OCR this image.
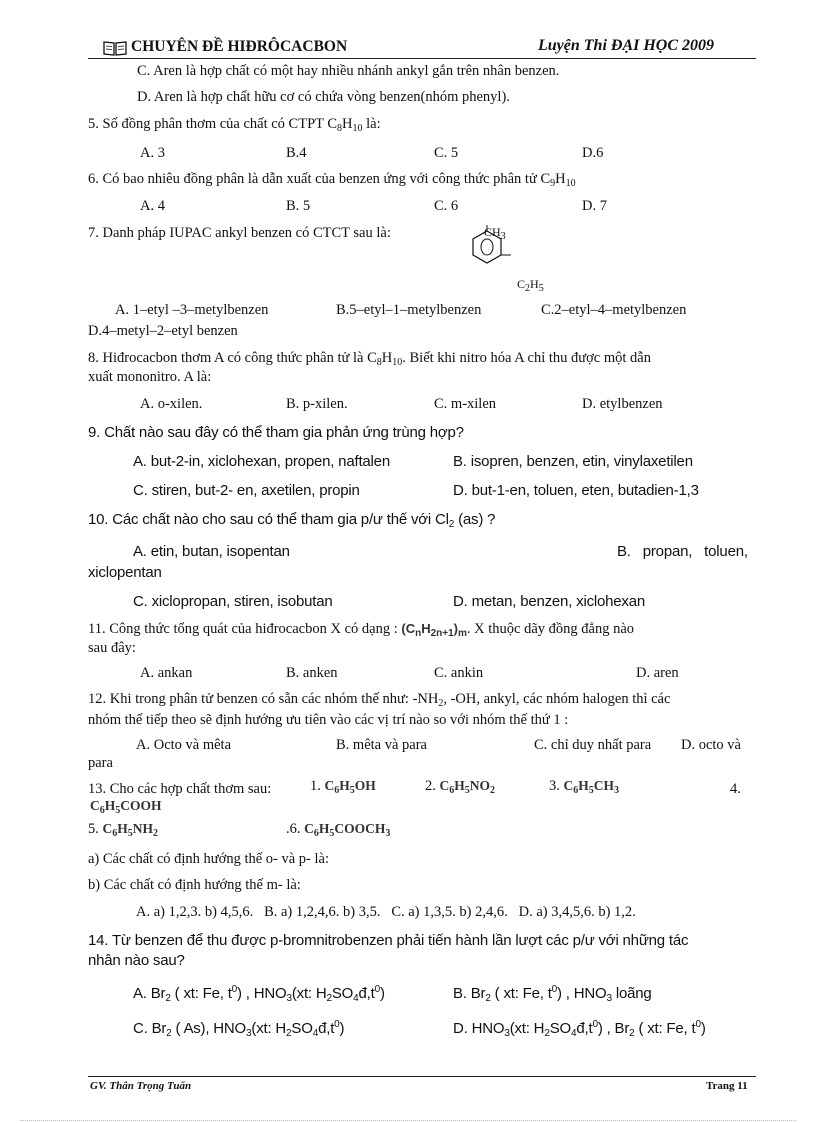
CHUYÊN ĐỀ HIĐRÔCACBON	Luyện Thi ĐẠI HỌC 2009
C. Aren là hợp chất có một hay nhiều nhánh ankyl gắn trên nhân benzen.
D. Aren là hợp chất hữu cơ có chứa vòng benzen(nhóm phenyl).
5. Số đồng phân thơm của chất có CTPT $C_8H_{10}$ là:
A. 3	B.4	C. 5	D.6
6. Có bao nhiêu đồng phân là dẫn xuất của benzen ứng với công thức phân tử $C_9H_{10}$
A. 4	B. 5	C. 6	D. 7
7. Danh pháp IUPAC ankyl benzen có CTCT sau là:	$CH_3$
$C_2H_5$
A. 1–etyl –3–metylbenzen	B.5–etyl–1–metylbenzen	C.2–etyl–4–metylbenzen
D.4–metyl–2–etyl benzen
8. Hiđrocacbon thơm A có công thức phân tử là $C_8H_{10}$. Biết khi nitro hóa A chỉ thu được một dẫn
xuất mononitro. A là:
A. o-xilen.	B. p-xilen.	C. m-xilen	D. etylbenzen
9. Chất nào sau đây có thể tham gia phản ứng trùng hợp?
A. but-2-in, xiclohexan, propen, naftalen	B. isopren, benzen, etin, vinylaxetilen
C. stiren, but-2- en, axetilen, propin	D. but-1-en, toluen, eten, butadien-1,3
10. Các chất nào cho sau có thể tham gia p/ư thế với $Cl_2$ (as) ?
A. etin, butan, isopentan	B. propan, toluen,
xiclopentan
C. xiclopropan, stiren, isobutan	D. metan, benzen, xiclohexan
11. Công thức tổng quát của hiđrocacbon X có dạng : $(C_nH_{2n+1})_m$. X thuộc dãy đồng đẳng nào
sau đây:
A. ankan	B. anken	C. ankin	D. aren
12. Khi trong phân tử benzen có sẵn các nhóm thế như: $-NH_2$, -OH, ankyl, các nhóm halogen thì các
nhóm thế tiếp theo sẽ định hướng ưu tiên vào các vị trí nào so với nhóm thế thứ 1 :
A. Octo và mêta	B. mêta và para	C. chỉ duy nhất para D. octo và
para
13. Cho các hợp chất thơm sau:	1. $C_6H_5OH$	2. $C_6H_5NO_2$	3. $C_6H_5CH_3$	4.
$C_6H_5COOH$
5. $C_6H_5NH_2$	.6. $C_6H_5COOCH_3$
a) Các chất có định hướng thế o- và p- là:
b) Các chất có định hướng thế m- là:
A. a) 1,2,3. b) 4,5,6.   B. a) 1,2,4,6. b) 3,5.   C. a) 1,3,5. b) 2,4,6.   D. a) 3,4,5,6. b) 1,2.
14. Từ benzen để thu được p-bromnitrobenzen phải tiến hành lần lượt các p/ư với những tác
nhân nào sau?
A. $Br_2$ ( xt: Fe, $t^0$) , $HNO_3(xt$: $H_2SO_4đ,t^0$)	B. $Br_2$ ( xt: Fe, $t^0$) , $HNO_3$ loãng
C. $Br_2$ ( As), $HNO_3(xt$: $H_2SO_4đ,t^0$)	D. $HNO_3(xt$: $H_2SO_4đ,t^0$) , $Br_2$ ( xt: Fe, $t^0$)
GV. Thân Trọng Tuấn	Trang 11
